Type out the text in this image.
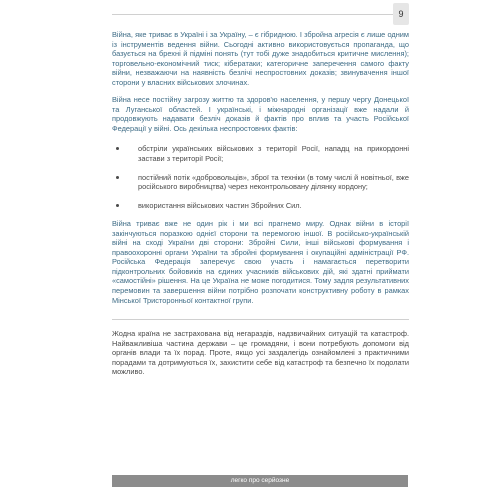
9

Війна, яке триває в Україні і за Україну, – є гібридною. І збройна агресія є лише одним із інструментів ведення війни. Сьогодні активно використовується пропаганда, що базується на брехні й підміні понять (тут тобі дуже знадобиться критичне мислення); торговельно-економічний тиск; кібератаки; категоричне заперечення самого факту війни, незважаючи на наявність безлічі неспростовних доказів; звинувачення іншої сторони у власних військових злочинах.

Війна несе постійну загрозу життю та здоров'ю населення, у першу чергу Донецької та Луганської областей. І українські, і міжнародні організації вже надали й продовжують надавати безліч доказів й фактів про вплив та участь Російської Федерації у війні. Ось декілька неспростовних фактів:

обстріли українських військових з території Росії, нападц на прикордонні застави з території Росії;
постійний потік «добровольців», зброї та техніки (в тому числі й новітньої, вже російського виробництва) через неконтрольовану ділянку кордону;
використання військових частин Збройних Сил.

Війна триває вже не один рік і ми всі прагнемо миру. Однак війни в історії закінчуються поразкою однієї сторони та перемогою іншої. В російсько-українській війні на сході України дві сторони: Збройні Сили, інші військові формування і правоохоронні органи України та збройні формування і окупаційні адміністрації РФ. Російська Федерація заперечує свою участь і намагається перетворити підконтрольних бойовиків на єдиних учасників військових дій, які здатні приймати «самостійні» рішення. На це Україна не може погодитися. Тому задля результативних перемовин та завершення війни потрібно розпочати конструктивну роботу в рамках Мінської Тристоронньої контактної групи.

Жодна країна не застрахована від негараздів, надзвичайних ситуацій та катастроф. Найважливіша частина держави – це громадяни, і вони потребують допомоги від органів влади та їх порад. Проте, якщо усі заздалегідь ознайомлені з практичними порадами та дотримуються їх, захистити себе від катастроф та безпечно їх подолати можливо.

легко про серйозне
